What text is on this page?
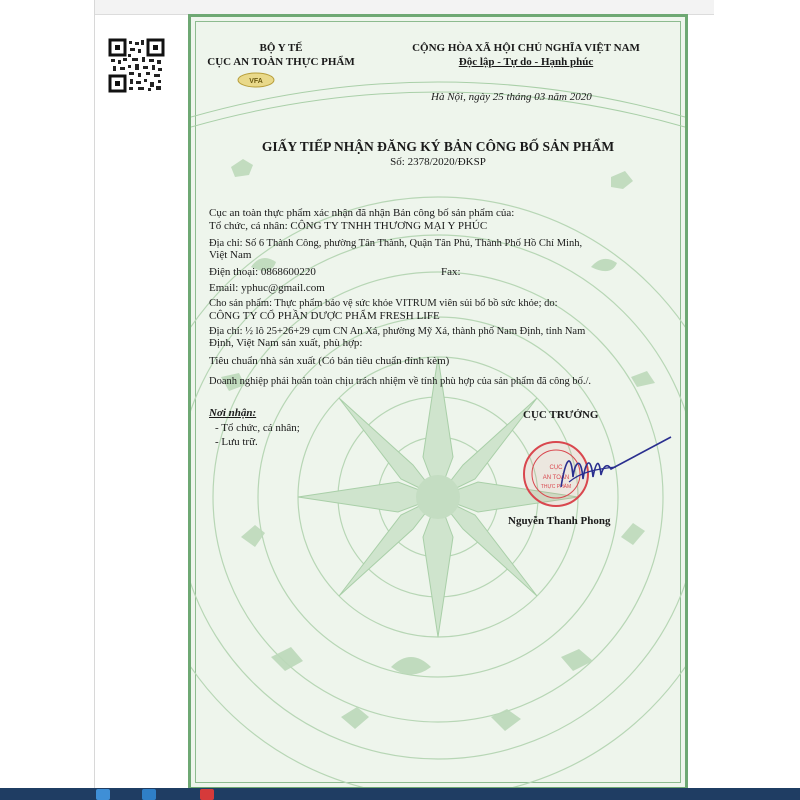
VFA
BỘ Y TẾ
CỤC AN TOÀN THỰC PHẨM
CỘNG HÒA XÃ HỘI CHỦ NGHĨA VIỆT NAM
Độc lập - Tự do - Hạnh phúc
Hà Nội, ngày 25 tháng 03 năm 2020
GIẤY TIẾP NHẬN ĐĂNG KÝ BẢN CÔNG BỐ SẢN PHẨM
Số: 2378/2020/ĐKSP
Cục an toàn thực phẩm xác nhận đã nhận Bản công bố sản phẩm của:
Tổ chức, cá nhân: CÔNG TY TNHH THƯƠNG MẠI Y PHÚC
Địa chỉ: Số 6 Thành Công, phường Tân Thành, Quận Tân Phú, Thành Phố Hồ Chí Minh,
Việt Nam
Điện thoại: 0868600220	Fax:
Email: yphuc@gmail.com
Cho sản phẩm: Thực phẩm bảo vệ sức khỏe VITRUM viên sủi bổ bồ sức khỏe; do:
CÔNG TY CỔ PHẦN DƯỢC PHẨM FRESH LIFE
Địa chỉ: ½ lô 25+26+29 cụm CN An Xá, phường Mỹ Xá, thành phố Nam Định, tỉnh Nam
Định, Việt Nam sản xuất, phù hợp:
Tiêu chuẩn nhà sản xuất (Có bản tiêu chuẩn đính kèm)
Doanh nghiệp phải hoàn toàn chịu trách nhiệm về tính phù hợp của sản phẩm đã công bố./.
Nơi nhận:
- Tổ chức, cá nhân;
- Lưu trữ.
CỤC TRƯỞNG
CỤC
AN TOÀN
THỰC PHẨM
Nguyễn Thanh Phong
